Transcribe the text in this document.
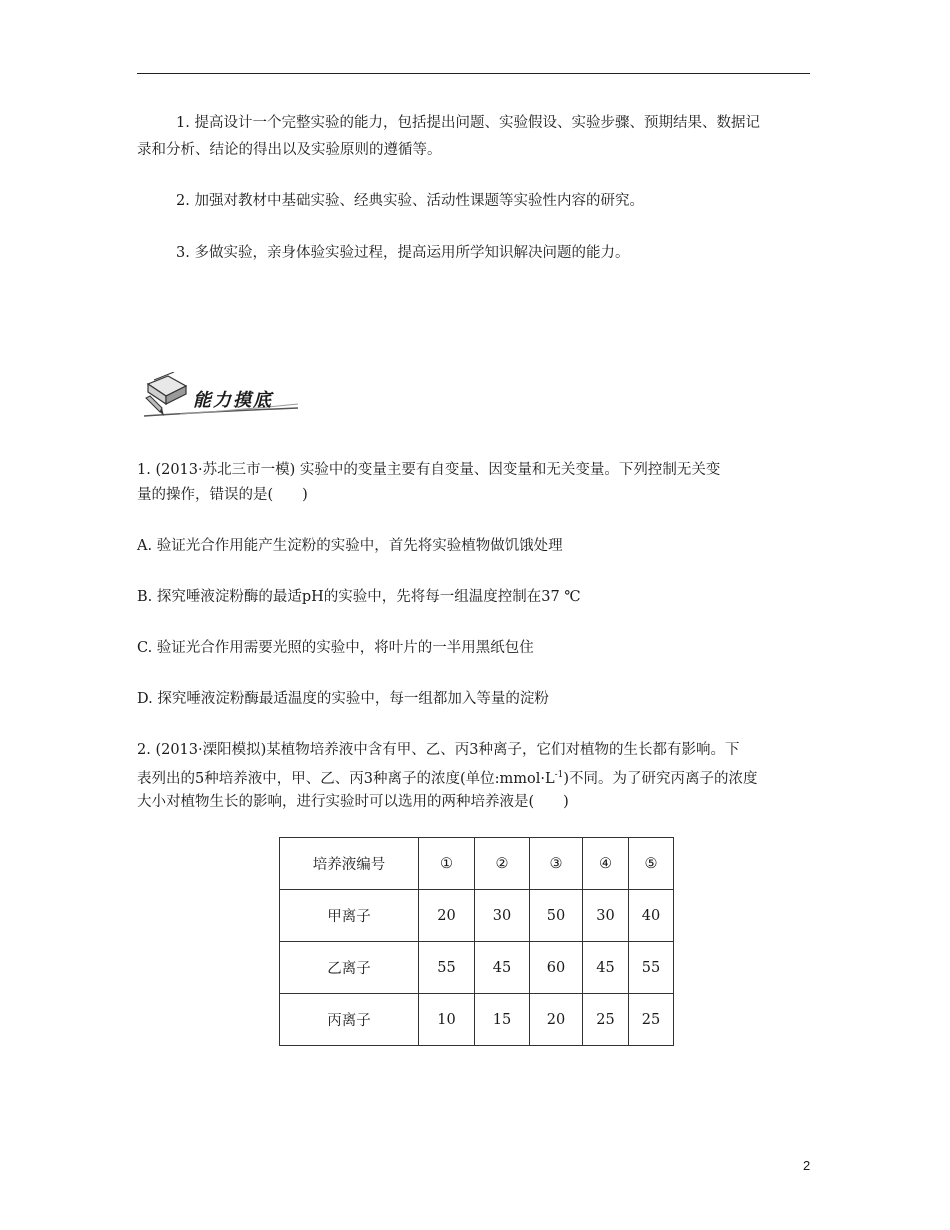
1. 提高设计一个完整实验的能力，包括提出问题、实验假设、实验步骤、预期结果、数据记
录和分析、结论的得出以及实验原则的遵循等。
2. 加强对教材中基础实验、经典实验、活动性课题等实验性内容的研究。
3. 多做实验，亲身体验实验过程，提高运用所学知识解决问题的能力。
能力摸底
1. (2013·苏北三市一模) 实验中的变量主要有自变量、因变量和无关变量。下列控制无关变
量的操作，错误的是(　　)
A. 验证光合作用能产生淀粉的实验中，首先将实验植物做饥饿处理
B. 探究唾液淀粉酶的最适pH的实验中，先将每一组温度控制在37 ℃
C. 验证光合作用需要光照的实验中，将叶片的一半用黑纸包住
D. 探究唾液淀粉酶最适温度的实验中，每一组都加入等量的淀粉
2. (2013·溧阳模拟)某植物培养液中含有甲、乙、丙3种离子，它们对植物的生长都有影响。下
表列出的5种培养液中，甲、乙、丙3种离子的浓度(单位$:mmol\cdot L^{-1}$)不同。为了研究丙离子的浓度
大小对植物生长的影响，进行实验时可以选用的两种培养液是(　　)
培养液编号	①	②	③	④	⑤
甲离子	20	30	50	30	40
乙离子	55	45	60	45	55
丙离子	10	15	20	25	25
2
